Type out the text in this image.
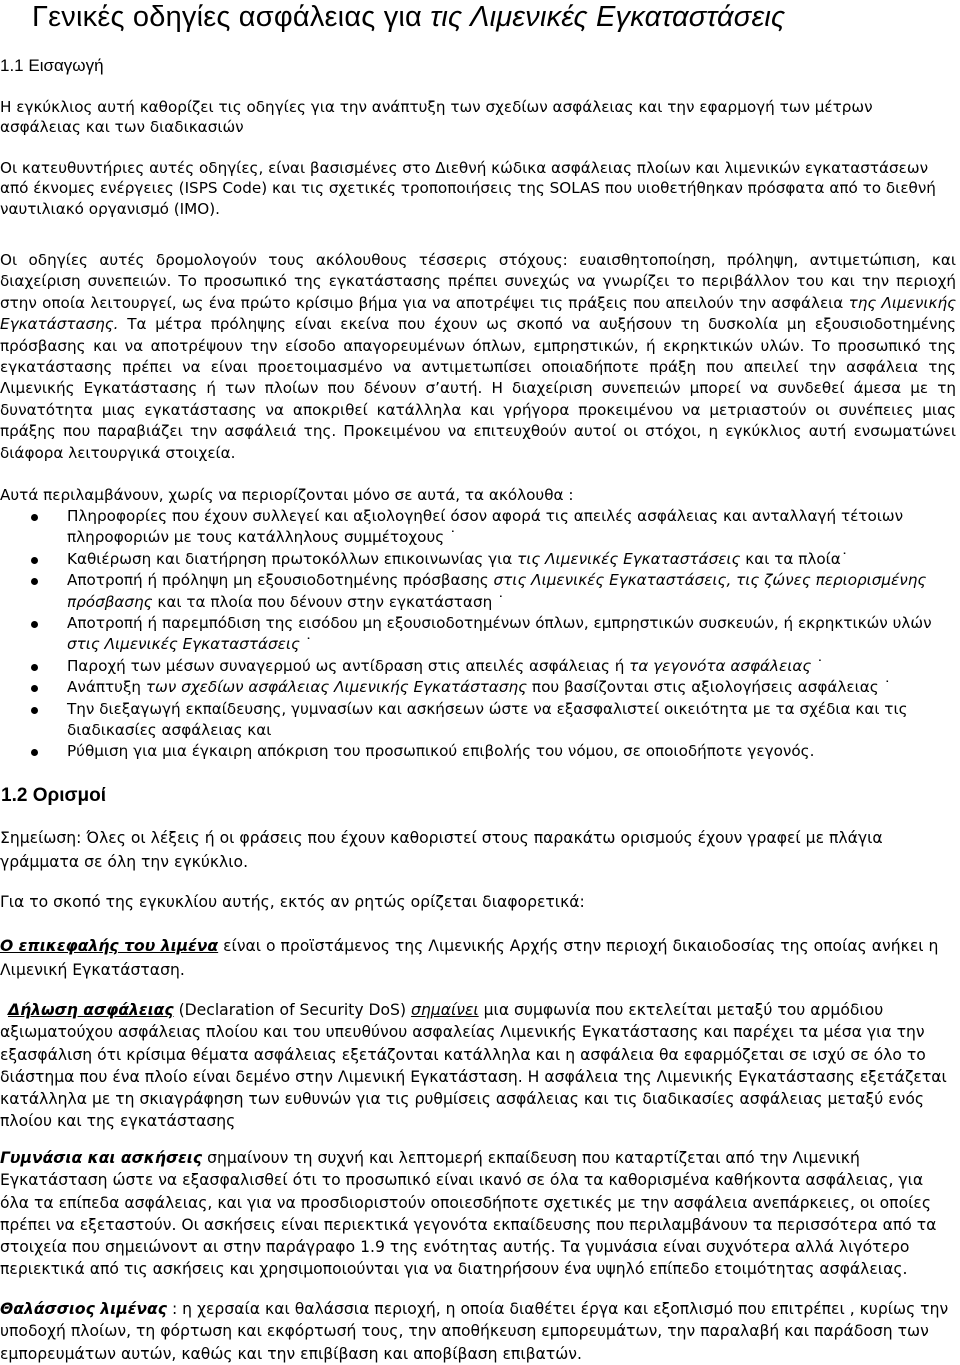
Γενικές οδηγίες ασφάλειας για τις Λιμενικές Εγκαταστάσεις
1.1 Εισαγωγή
Η εγκύκλιος αυτή καθορίζει τις οδηγίες για την ανάπτυξη των σχεδίων ασφάλειας και την εφαρμογή των μέτρων ασφάλειας και των διαδικασιών
Οι κατευθυντήριες αυτές οδηγίες, είναι βασισμένες στο Διεθνή κώδικα ασφάλειας πλοίων και λιμενικών εγκαταστάσεων από έκνομες ενέργειες (ISPS Code) και τις σχετικές τροποποιήσεις της SOLAS που υιοθετήθηκαν πρόσφατα από το διεθνή ναυτιλιακό οργανισμό (IMO).
Οι οδηγίες αυτές δρομολογούν τους ακόλουθους τέσσερις στόχους: ευαισθητοποίηση, πρόληψη, αντιμετώπιση, και διαχείριση συνεπειών. Το προσωπικό της εγκατάστασης πρέπει συνεχώς να γνωρίζει το περιβάλλον του και την περιοχή στην οποία λειτουργεί, ως ένα πρώτο κρίσιμο βήμα για να αποτρέψει τις πράξεις που απειλούν την ασφάλεια της Λιμενικής Εγκατάστασης. Τα μέτρα πρόληψης είναι εκείνα που έχουν ως σκοπό να αυξήσουν τη δυσκολία μη εξουσιοδοτημένης πρόσβασης και να αποτρέψουν την είσοδο απαγορευμένων όπλων, εμπρηστικών, ή εκρηκτικών υλών. Το προσωπικό της εγκατάστασης πρέπει να είναι προετοιμασμένο να αντιμετωπίσει οποιαδήποτε πράξη που απειλεί την ασφάλεια της Λιμενικής Εγκατάστασης ή των πλοίων που δένουν σ’αυτή. Η διαχείριση συνεπειών μπορεί να συνδεθεί άμεσα με τη δυνατότητα μιας εγκατάστασης να αποκριθεί κατάλληλα και γρήγορα προκειμένου να μετριαστούν οι συνέπειες μιας πράξης που παραβιάζει την ασφάλειά της. Προκειμένου να επιτευχθούν αυτοί οι στόχοι, η εγκύκλιος αυτή ενσωματώνει διάφορα λειτουργικά στοιχεία.
Αυτά περιλαμβάνουν, χωρίς να περιορίζονται μόνο σε αυτά, τα ακόλουθα :
Πληροφορίες που έχουν συλλεγεί και αξιολογηθεί όσον αφορά τις απειλές ασφάλειας και ανταλλαγή τέτοιων πληροφοριών με τους κατάλληλους συμμέτοχους ˙
Καθιέρωση και διατήρηση πρωτοκόλλων επικοινωνίας για τις Λιμενικές Εγκαταστάσεις και τα πλοία˙
Αποτροπή ή πρόληψη μη εξουσιοδοτημένης πρόσβασης στις Λιμενικές Εγκαταστάσεις, τις ζώνες περιορισμένης πρόσβασης και τα πλοία που δένουν στην εγκατάσταση ˙
Αποτροπή ή παρεμπόδιση της εισόδου μη εξουσιοδοτημένων όπλων, εμπρηστικών συσκευών, ή εκρηκτικών υλών στις Λιμενικές Εγκαταστάσεις ˙
Παροχή των μέσων συναγερμού ως αντίδραση στις απειλές ασφάλειας ή τα γεγονότα ασφάλειας ˙
Ανάπτυξη των σχεδίων ασφάλειας Λιμενικής Εγκατάστασης που βασίζονται στις αξιολογήσεις ασφάλειας ˙
Την διεξαγωγή εκπαίδευσης, γυμνασίων και ασκήσεων ώστε να εξασφαλιστεί οικειότητα με τα σχέδια και τις διαδικασίες ασφάλειας και
Ρύθμιση για μια έγκαιρη απόκριση του προσωπικού επιβολής του νόμου, σε οποιοδήποτε γεγονός.
1.2 Ορισμοί
Σημείωση: Όλες οι λέξεις ή οι φράσεις που έχουν καθοριστεί στους παρακάτω ορισμούς έχουν γραφεί με πλάγια γράμματα σε όλη την εγκύκλιο.
Για το σκοπό της εγκυκλίου αυτής, εκτός αν ρητώς ορίζεται διαφορετικά:
Ο επικεφαλής του λιμένα είναι ο προϊστάμενος της Λιμενικής Αρχής στην περιοχή δικαιοδοσίας της οποίας ανήκει η Λιμενική Εγκατάσταση.
Δήλωση ασφάλειας (Declaration of Security DoS) σημαίνει μια συμφωνία που εκτελείται μεταξύ του αρμόδιου αξιωματούχου ασφάλειας πλοίου και του υπευθύνου ασφαλείας Λιμενικής Εγκατάστασης και παρέχει τα μέσα για την εξασφάλιση ότι κρίσιμα θέματα ασφάλειας εξετάζονται κατάλληλα και η ασφάλεια θα εφαρμόζεται σε ισχύ σε όλο το διάστημα που ένα πλοίο είναι δεμένο στην Λιμενική Εγκατάσταση. Η ασφάλεια της Λιμενικής Εγκατάστασης εξετάζεται κατάλληλα με τη σκιαγράφηση των ευθυνών για τις ρυθμίσεις ασφάλειας και τις διαδικασίες ασφάλειας μεταξύ ενός πλοίου και της εγκατάστασης
Γυμνάσια και ασκήσεις σημαίνουν τη συχνή και λεπτομερή εκπαίδευση που καταρτίζεται από την Λιμενική Εγκατάσταση ώστε να εξασφαλισθεί ότι το προσωπικό είναι ικανό σε όλα τα καθορισμένα καθήκοντα ασφάλειας, για όλα τα επίπεδα ασφάλειας, και για να προσδιοριστούν οποιεσδήποτε σχετικές με την ασφάλεια ανεπάρκειες, οι οποίες πρέπει να εξεταστούν. Οι ασκήσεις είναι περιεκτικά γεγονότα εκπαίδευσης που περιλαμβάνουν τα περισσότερα από τα στοιχεία που σημειώνοντ αι στην παράγραφο 1.9 της ενότητας αυτής. Τα γυμνάσια είναι συχνότερα αλλά λιγότερο περιεκτικά από τις ασκήσεις και χρησιμοποιούνται για να διατηρήσουν ένα υψηλό επίπεδο ετοιμότητας ασφάλειας.
Θαλάσσιος λιμένας : η χερσαία και θαλάσσια περιοχή, η οποία διαθέτει έργα και εξοπλισμό που επιτρέπει , κυρίως την υποδοχή πλοίων, τη φόρτωση και εκφόρτωσή τους, την αποθήκευση εμπορευμάτων, την παραλαβή και παράδοση των εμπορευμάτων αυτών, καθώς και την επιβίβαση και αποβίβαση επιβατών.
